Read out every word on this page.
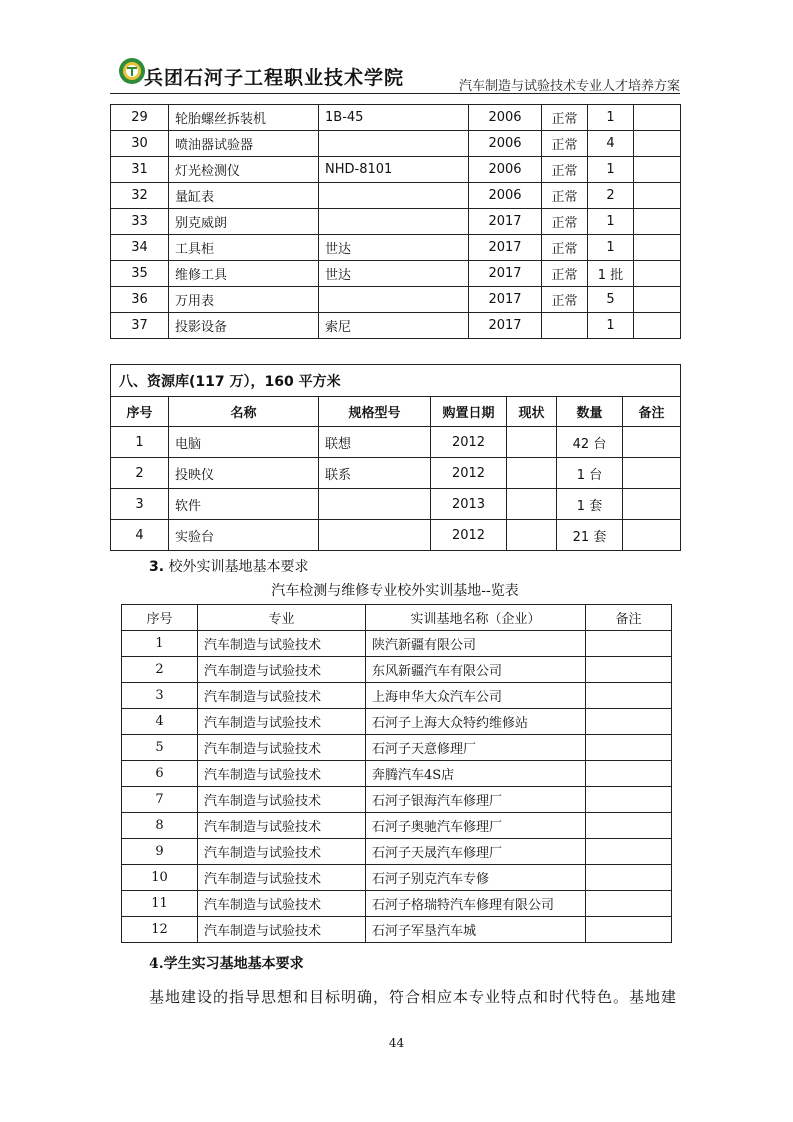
兵团石河子工程职业技术学院	汽车制造与试验技术专业人才培养方案
29	轮胎螺丝拆装机	1B-45	2006	正常	1	
30	喷油器试验器		2006	正常	4	
31	灯光检测仪	NHD-8101	2006	正常	1	
32	量缸表		2006	正常	2	
33	别克威朗		2017	正常	1	
34	工具柜	世达	2017	正常	1	
35	维修工具	世达	2017	正常	1 批	
36	万用表		2017	正常	5	
37	投影设备	索尼	2017		1	
八、资源库(117 万），160 平方米						
序号	名称	规格型号	购置日期	现状	数量	备注
1	电脑	联想	2012		42 台	
2	投映仪	联系	2012		1 台	
3	软件		2013		1 套	
4	实验台		2012		21 套	
3. 校外实训基地基本要求
汽车检测与维修专业校外实训基地--览表
序号	专业	实训基地名称（企业）	备注
1	汽车制造与试验技术	陕汽新疆有限公司	
2	汽车制造与试验技术	东风新疆汽车有限公司	
3	汽车制造与试验技术	上海申华大众汽车公司	
4	汽车制造与试验技术	石河子上海大众特约维修站	
5	汽车制造与试验技术	石河子天意修理厂	
6	汽车制造与试验技术	奔腾汽车4S店	
7	汽车制造与试验技术	石河子银海汽车修理厂	
8	汽车制造与试验技术	石河子奥驰汽车修理厂	
9	汽车制造与试验技术	石河子天晟汽车修理厂	
10	汽车制造与试验技术	石河子别克汽车专修	
11	汽车制造与试验技术	石河子格瑞特汽车修理有限公司	
12	汽车制造与试验技术	石河子军垦汽车城	
4.学生实习基地基本要求
基地建设的指导思想和目标明确，符合相应本专业特点和时代特色。基地建
44
